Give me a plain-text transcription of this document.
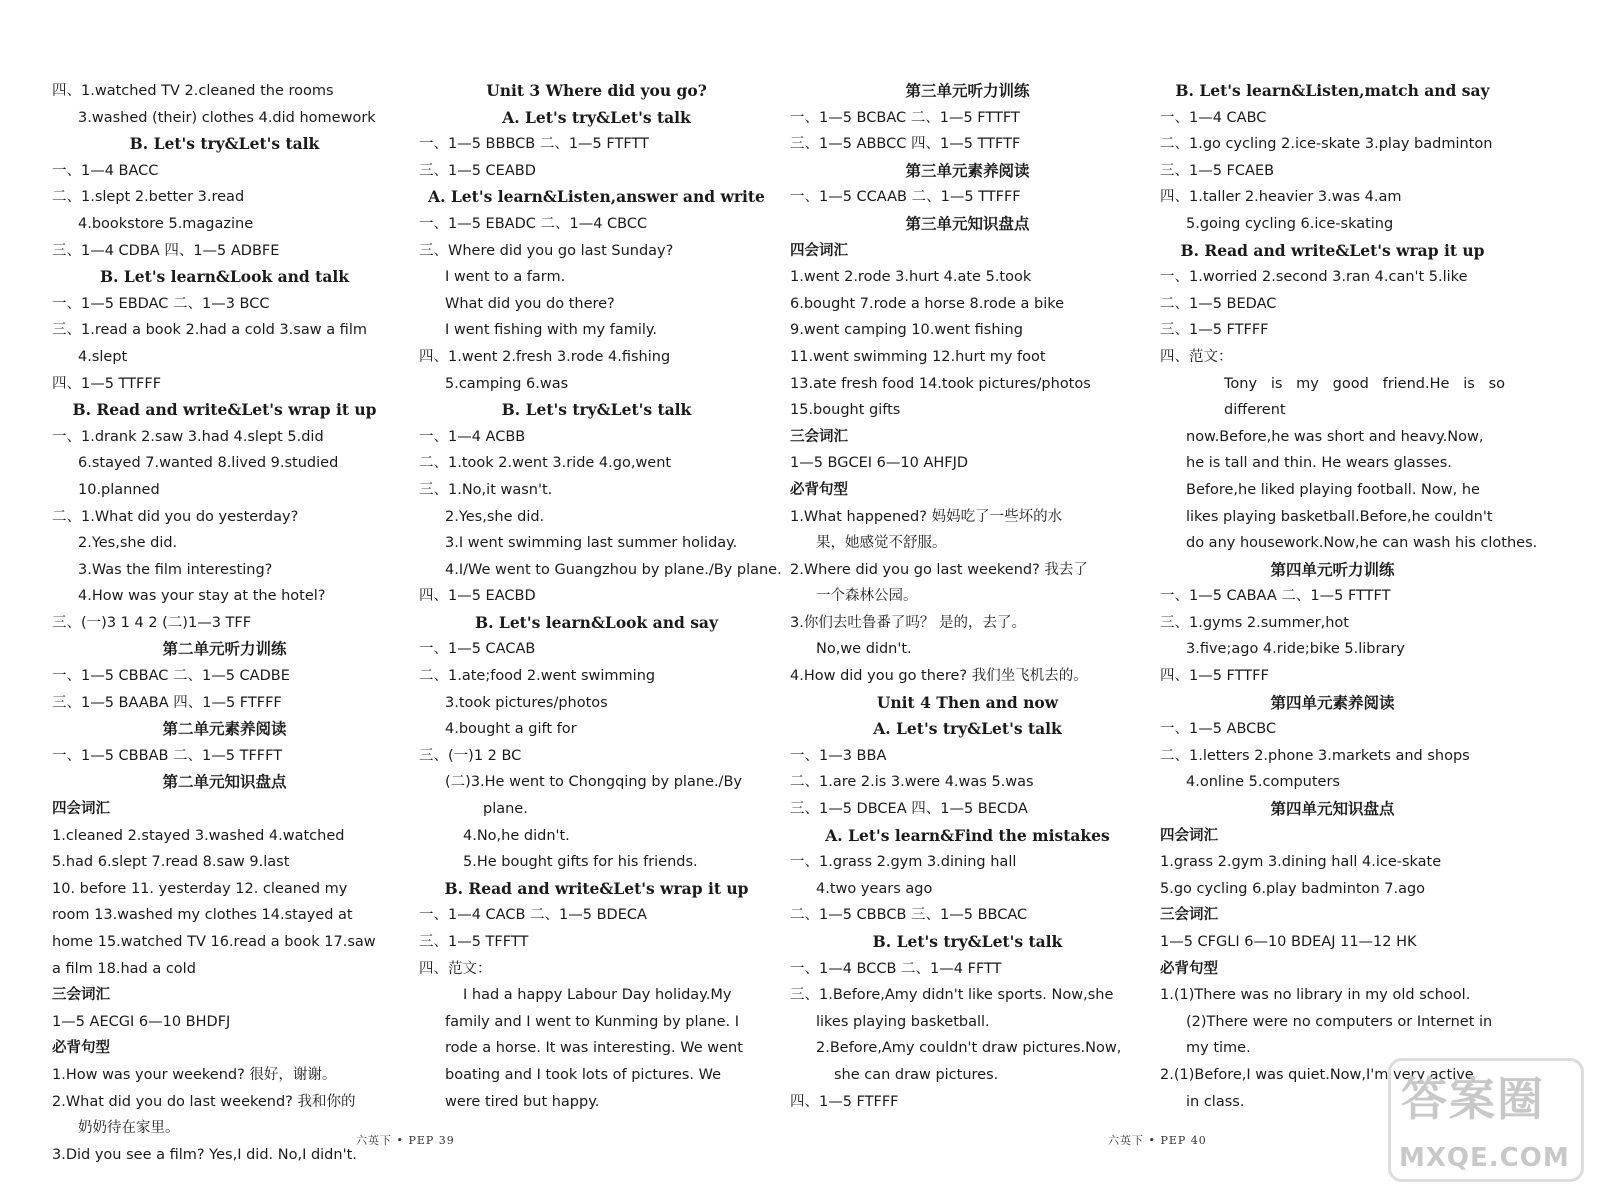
四、1.watched TV 2.cleaned the rooms
3.washed (their) clothes 4.did homework
B. Let's try&Let's talk
一、1—4 BACC
二、1.slept 2.better 3.read
4.bookstore 5.magazine
三、1—4 CDBA 四、1—5 ADBFE
B. Let's learn&Look and talk
一、1—5 EBDAC 二、1—3 BCC
三、1.read a book 2.had a cold 3.saw a film
4.slept
四、1—5 TTFFF
B. Read and write&Let's wrap it up
一、1.drank 2.saw 3.had 4.slept 5.did
6.stayed 7.wanted 8.lived 9.studied
10.planned
二、1.What did you do yesterday?
2.Yes,she did.
3.Was the film interesting?
4.How was your stay at the hotel?
三、(一)3 1 4 2 (二)1—3 TFF
第二单元听力训练
一、1—5 CBBAC 二、1—5 CADBE
三、1—5 BAABA 四、1—5 FTFFF
第二单元素养阅读
一、1—5 CBBAB 二、1—5 TFFFT
第二单元知识盘点
四会词汇
1.cleaned 2.stayed 3.washed 4.watched
5.had 6.slept 7.read 8.saw 9.last
10. before 11. yesterday 12. cleaned my
room 13.washed my clothes 14.stayed at
home 15.watched TV 16.read a book 17.saw
a film 18.had a cold
三会词汇
1—5 AECGI 6—10 BHDFJ
必背句型
1.How was your weekend? 很好，谢谢。
2.What did you do last weekend? 我和你的
奶奶待在家里。
3.Did you see a film? Yes,I did. No,I didn't.
Unit 3 Where did you go?
A. Let's try&Let's talk
一、1—5 BBBCB 二、1—5 FTFTT
三、1—5 CEABD
A. Let's learn&Listen,answer and write
一、1—5 EBADC 二、1—4 CBCC
三、Where did you go last Sunday?
I went to a farm.
What did you do there?
I went fishing with my family.
四、1.went 2.fresh 3.rode 4.fishing
5.camping 6.was
B. Let's try&Let's talk
一、1—4 ACBB
二、1.took 2.went 3.ride 4.go,went
三、1.No,it wasn't.
2.Yes,she did.
3.I went swimming last summer holiday.
4.I/We went to Guangzhou by plane./By plane.
四、1—5 EACBD
B. Let's learn&Look and say
一、1—5 CACAB
二、1.ate;food 2.went swimming
3.took pictures/photos
4.bought a gift for
三、(一)1 2 BC
(二)3.He went to Chongqing by plane./By
plane.
4.No,he didn't.
5.He bought gifts for his friends.
B. Read and write&Let's wrap it up
一、1—4 CACB 二、1—5 BDECA
三、1—5 TFFTT
四、范文：
I had a happy Labour Day holiday.My
family and I went to Kunming by plane. I
rode a horse. It was interesting. We went
boating and I took lots of pictures. We
were tired but happy.
第三单元听力训练
一、1—5 BCBAC 二、1—5 FTTFT
三、1—5 ABBCC 四、1—5 TTFTF
第三单元素养阅读
一、1—5 CCAAB 二、1—5 TTFFF
第三单元知识盘点
四会词汇
1.went 2.rode 3.hurt 4.ate 5.took
6.bought 7.rode a horse 8.rode a bike
9.went camping 10.went fishing
11.went swimming 12.hurt my foot
13.ate fresh food 14.took pictures/photos
15.bought gifts
三会词汇
1—5 BGCEI 6—10 AHFJD
必背句型
1.What happened? 妈妈吃了一些坏的水
果，她感觉不舒服。
2.Where did you go last weekend? 我去了
一个森林公园。
3.你们去吐鲁番了吗？ 是的，去了。
No,we didn't.
4.How did you go there? 我们坐飞机去的。
Unit 4 Then and now
A. Let's try&Let's talk
一、1—3 BBA
二、1.are 2.is 3.were 4.was 5.was
三、1—5 DBCEA 四、1—5 BECDA
A. Let's learn&Find the mistakes
一、1.grass 2.gym 3.dining hall
4.two years ago
二、1—5 CBBCB 三、1—5 BBCAC
B. Let's try&Let's talk
一、1—4 BCCB 二、1—4 FFTT
三、1.Before,Amy didn't like sports. Now,she
likes playing basketball.
2.Before,Amy couldn't draw pictures.Now,
she can draw pictures.
四、1—5 FTFFF
B. Let's learn&Listen,match and say
一、1—4 CABC
二、1.go cycling 2.ice-skate 3.play badminton
三、1—5 FCAEB
四、1.taller 2.heavier 3.was 4.am
5.going cycling 6.ice-skating
B. Read and write&Let's wrap it up
一、1.worried 2.second 3.ran 4.can't 5.like
二、1—5 BEDAC
三、1—5 FTFFF
四、范文：
Tony is my good friend.He is so different
now.Before,he was short and heavy.Now,
he is tall and thin. He wears glasses.
Before,he liked playing football. Now, he
likes playing basketball.Before,he couldn't
do any housework.Now,he can wash his clothes.
第四单元听力训练
一、1—5 CABAA 二、1—5 FTTFT
三、1.gyms 2.summer,hot
3.five;ago 4.ride;bike 5.library
四、1—5 FTTFF
第四单元素养阅读
一、1—5 ABCBC
二、1.letters 2.phone 3.markets and shops
4.online 5.computers
第四单元知识盘点
四会词汇
1.grass 2.gym 3.dining hall 4.ice-skate
5.go cycling 6.play badminton 7.ago
三会词汇
1—5 CFGLI 6—10 BDEAJ 11—12 HK
必背句型
1.(1)There was no library in my old school.
(2)There were no computers or Internet in
my time.
2.(1)Before,I was quiet.Now,I'm very active
in class.
六英下 • PEP 39	六英下 • PEP 40
答案圈
MXQE.COM
